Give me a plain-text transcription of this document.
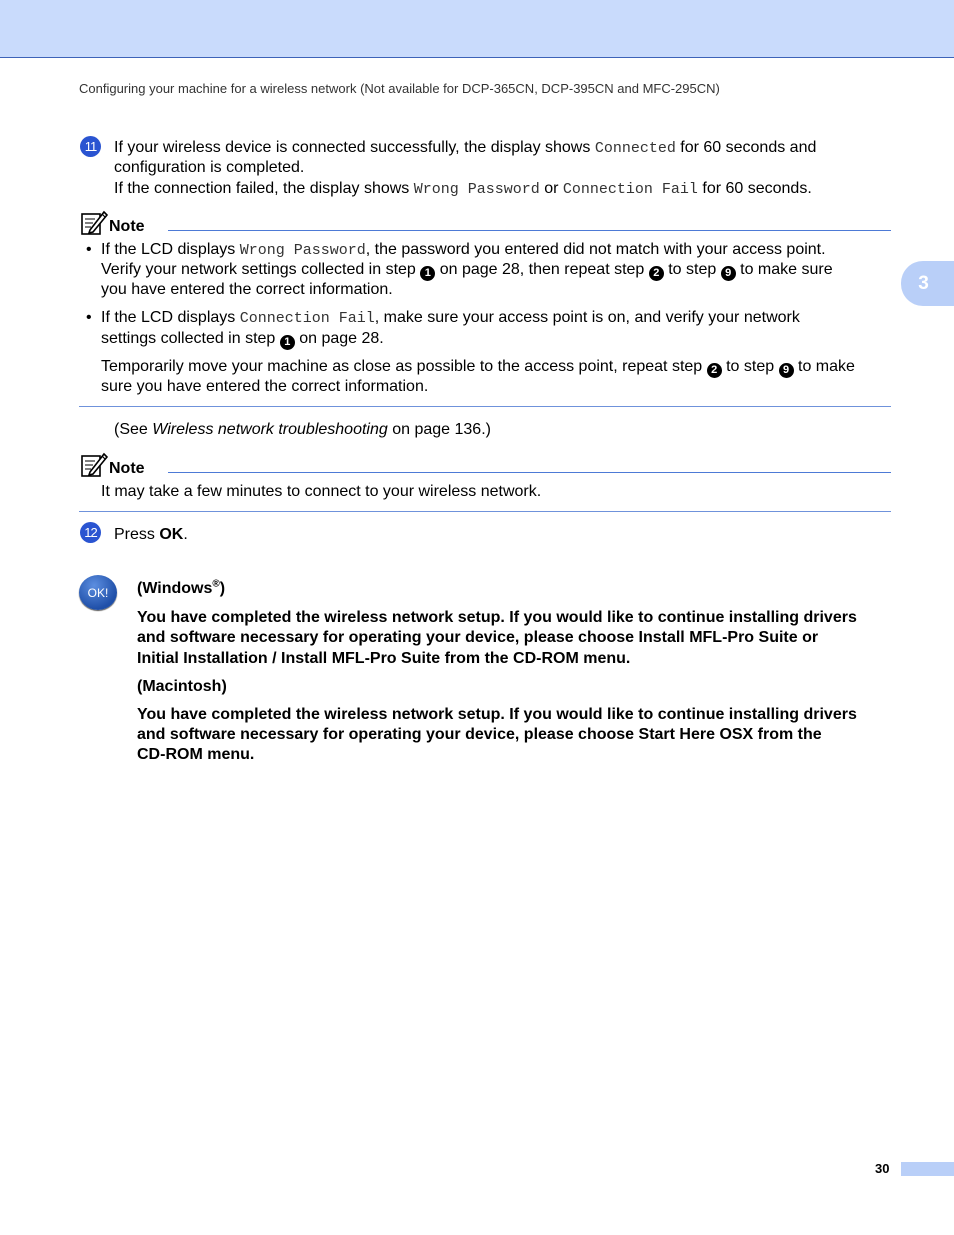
Configuring your machine for a wireless network (Not available for DCP-365CN, DCP-395CN and MFC-295CN)
3
11 If your wireless device is connected successfully, the display shows Connected for 60 seconds and
configuration is completed.
If the connection failed, the display shows Wrong Password or Connection Fail for 60 seconds.
Note
• If the LCD displays Wrong Password, the password you entered did not match with your access point.
Verify your network settings collected in step 1 on page 28, then repeat step 2 to step 9 to make sure
you have entered the correct information.
• If the LCD displays Connection Fail, make sure your access point is on, and verify your network
settings collected in step 1 on page 28.
Temporarily move your machine as close as possible to the access point, repeat step 2 to step 9 to make
sure you have entered the correct information.
(See Wireless network troubleshooting on page 136.)
Note
It may take a few minutes to connect to your wireless network.
12 Press OK.
OK!	(Windows®)
You have completed the wireless network setup. If you would like to continue installing drivers
and software necessary for operating your device, please choose Install MFL-Pro Suite or
Initial Installation / Install MFL-Pro Suite from the CD-ROM menu.
(Macintosh)
You have completed the wireless network setup. If you would like to continue installing drivers
and software necessary for operating your device, please choose Start Here OSX from the
CD-ROM menu.
30
